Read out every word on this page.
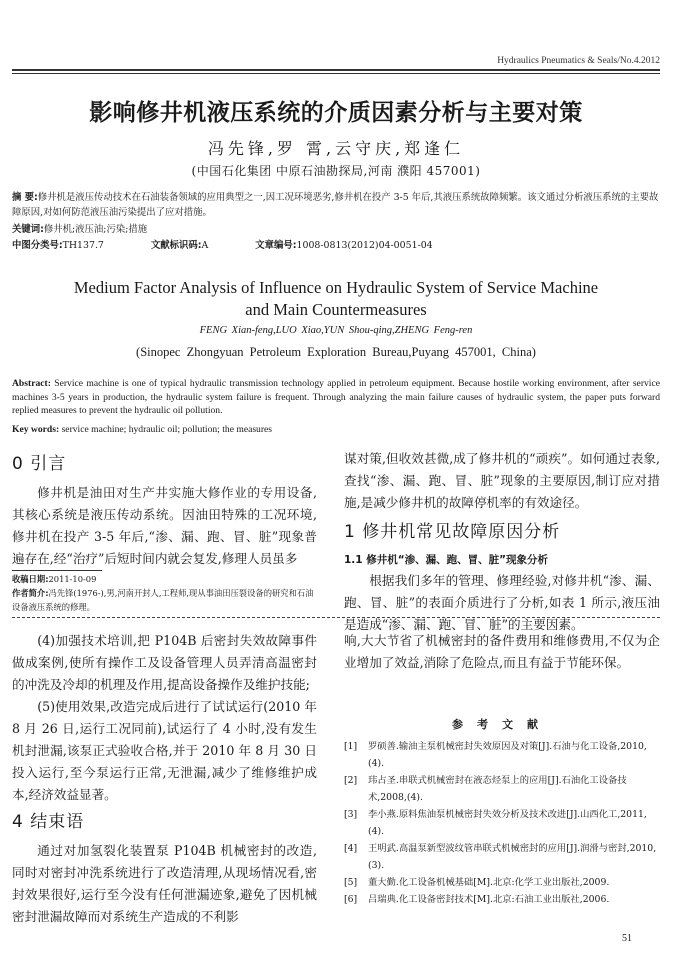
Hydraulics Pneumatics & Seals/No.4.2012
影响修井机液压系统的介质因素分析与主要对策
冯先锋,罗 霄,云守庆,郑逢仁
(中国石化集团 中原石油勘探局,河南 濮阳 457001)
摘 要:修井机是液压传动技术在石油装备领域的应用典型之一,因工况环境恶劣,修井机在投产 3-5 年后,其液压系统故障频繁。该文通过分析液压系统的主要故障原因,对如何防范液压油污染提出了应对措施。
关键词:修井机;液压油;污染;措施
中图分类号:TH137.7	文献标识码:A	文章编号:1008-0813(2012)04-0051-04
Medium Factor Analysis of Influence on Hydraulic System of Service Machine
and Main Countermeasures
FENG Xian-feng,LUO Xiao,YUN Shou-qing,ZHENG Feng-ren
(Sinopec Zhongyuan Petroleum Exploration Bureau,Puyang 457001, China)
Abstract: Service machine is one of typical hydraulic transmission technology applied in petroleum equipment. Because hostile working environment, after service machines 3-5 years in production, the hydraulic system failure is frequent. Through analyzing the main failure causes of hydraulic system, the paper puts forward replied measures to prevent the hydraulic oil pollution.
Key words: service machine; hydraulic oil; pollution; the measures
0 引言

修井机是油田对生产井实施大修作业的专用设备,其核心系统是液压传动系统。因油田特殊的工况环境,修井机在投产 3-5 年后,“渗、漏、跑、冒、脏”现象普遍存在,经“治疗”后短时间内就会复发,修理人员虽多

收稿日期:2011-10-09
作者简介:冯先锋(1976-),男,河南开封人,工程师,现从事油田压裂设备的研究和石油设备液压系统的修理。

谋对策,但收效甚微,成了修井机的“顽疾”。如何通过表象,查找“渗、漏、跑、冒、脏”现象的主要原因,制订应对措施,是减少修井机的故障停机率的有效途径。

1 修井机常见故障原因分析
1.1 修井机“渗、漏、跑、冒、脏”现象分析

根据我们多年的管理、修理经验,对修井机“渗、漏、跑、冒、脏”的表面介质进行了分析,如表 1 所示,液压油是造成“渗、漏、跑、冒、脏”的主要因素。

(4)加强技术培训,把 P104B 后密封失效故障事件做成案例,使所有操作工及设备管理人员弄清高温密封的冲洗及冷却的机理及作用,提高设备操作及维护技能;

(5)使用效果,改造完成后进行了试试运行(2010 年 8 月 26 日,运行工况同前),试运行了 4 小时,没有发生机封泄漏,该泵正式验收合格,并于 2010 年 8 月 30 日投入运行,至今泵运行正常,无泄漏,减少了维修维护成本,经济效益显著。

4 结束语

通过对加氢裂化装置泵 P104B 机械密封的改造,同时对密封冲洗系统进行了改造清理,从现场情况看,密封效果很好,运行至今没有任何泄漏迹象,避免了因机械密封泄漏故障而对系统生产造成的不利影

响,大大节省了机械密封的备件费用和维修费用,不仅为企业增加了效益,消除了危险点,而且有益于节能环保。

参考文献
[1]	罗硕善.输油主泵机械密封失效原因及对策[J].石油与化工设备,2010,(4).
[2]	玮占圣.串联式机械密封在液态烃泵上的应用[J].石油化工设备技术,2008,(4).
[3]	李小燕.原料焦油泵机械密封失效分析及技术改进[J].山西化工,2011,(4).
[4]	王明武.高温泵新型波纹管串联式机械密封的应用[J].润滑与密封,2010,(3).
[5]	董大勤.化工设备机械基础[M].北京:化学工业出版社,2009.
[6]	吕瑞典.化工设备密封技术[M].北京:石油工业出版社,2006.
51
